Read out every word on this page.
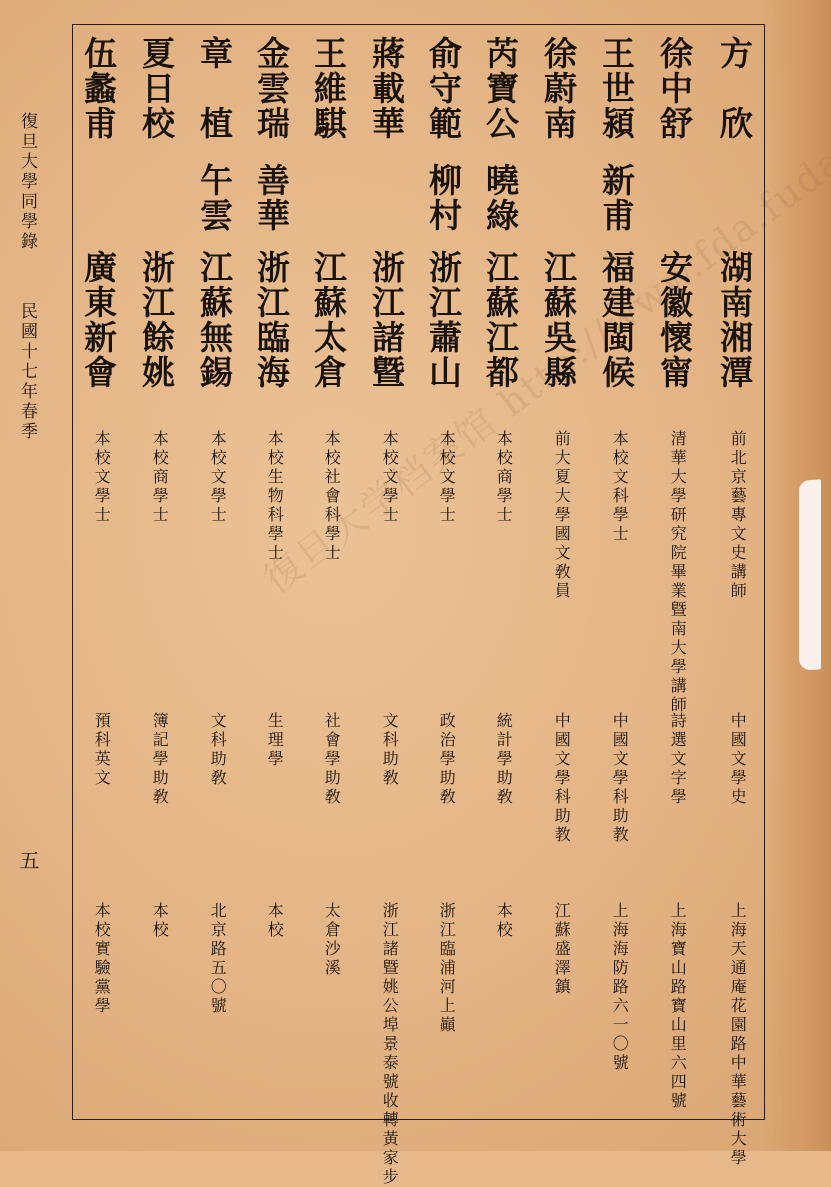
復旦大學同學錄
民國十七年春季
五
方　欣
湖南湘潭
前北京藝專文史講師
中國文學史
上海天通庵花園路中華藝術大學
徐中舒
安徽懷甯
清華大學研究院畢業曁南大學講師
詩選文字學
上海寶山路寶山里六四號
王世潁
新甫
福建閩候
本校文科學士
中國文學科助教
上海海防路六一〇號
徐蔚南
江蘇吳縣
前大夏大學國文敎員
中國文學科助教
江蘇盛澤鎮
芮寶公
曉綠
江蘇江都
本校商學士
統計學助敎
本校
俞守範
柳村
浙江蕭山
本校文學士
政治學助敎
浙江臨浦河上巓
蔣載華
浙江諸曁
本校文學士
文科助敎
浙江諸曁姚公埠景泰號收轉黃家步
王維騏
江蘇太倉
本校社會科學士
社會學助敎
太倉沙溪
金雲瑞
善華
浙江臨海
本校生物科學士
生理學
本校
章　植
午雲
江蘇無錫
本校文學士
文科助敎
北京路五〇號
夏日校
浙江餘姚
本校商學士
簿記學助敎
本校
伍蠡甫
廣東新會
本校文學士
預科英文
本校實驗黨學
